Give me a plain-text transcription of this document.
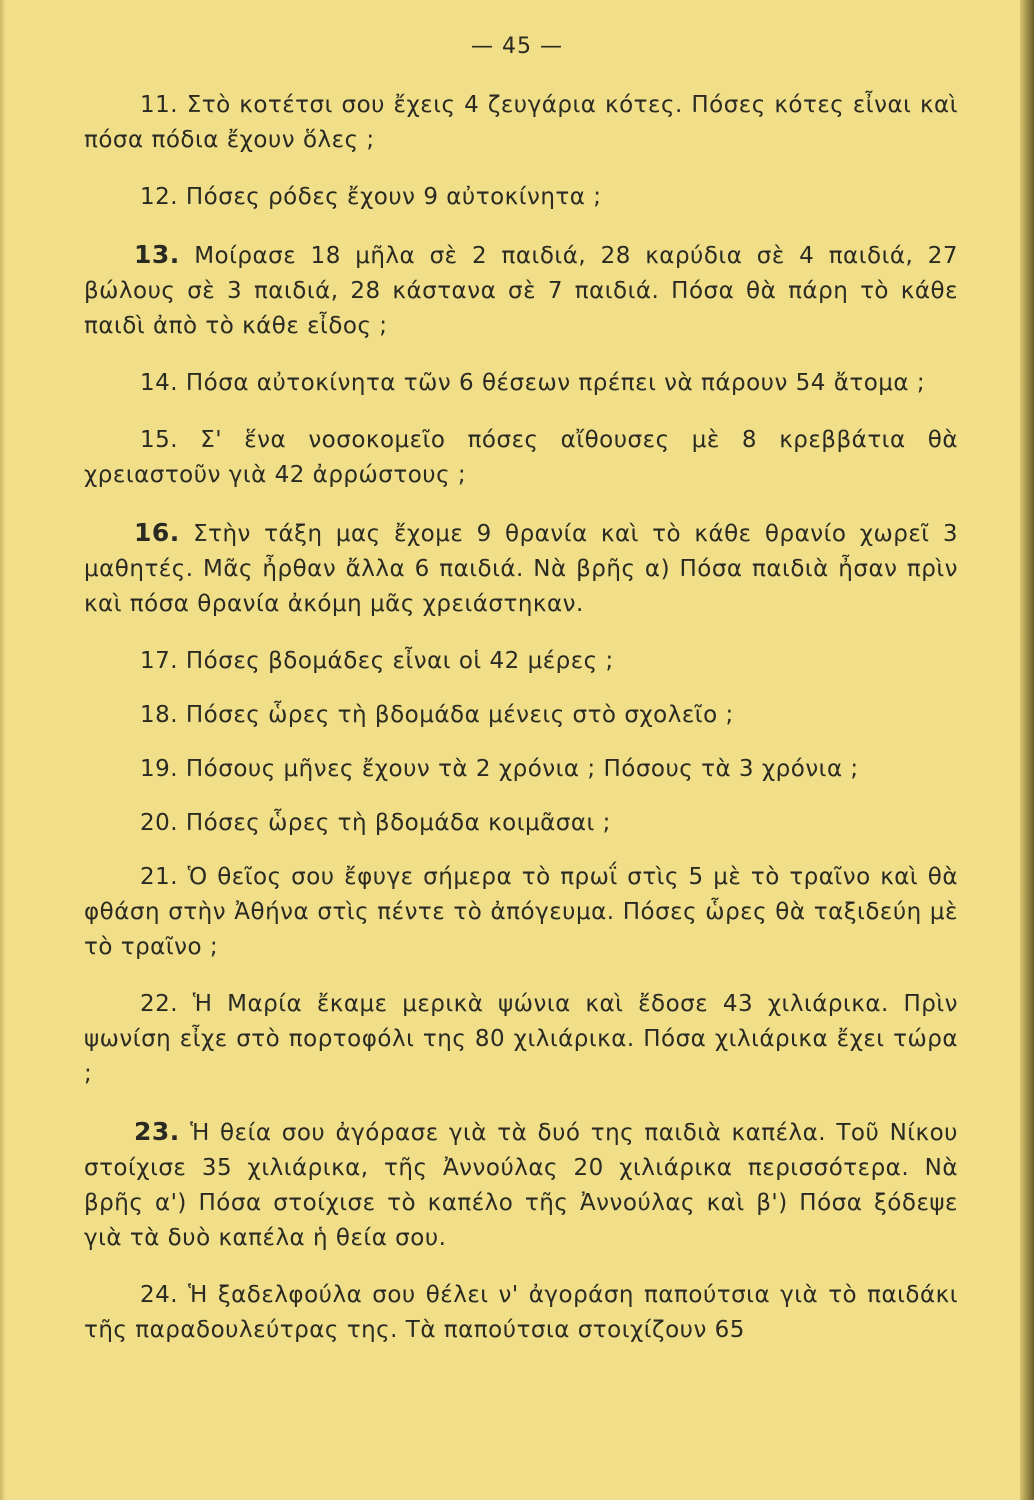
— 45 —

11. Στὸ κοτέτσι σου ἔχεις 4 ζευγάρια κότες. Πόσες κότες εἶναι καὶ πόσα πόδια ἔχουν ὅλες ;

12. Πόσες ρόδες ἔχουν 9 αὐτοκίνητα ;

13. Μοίρασε 18 μῆλα σὲ 2 παιδιά, 28 καρύδια σὲ 4 παιδιά, 27 βώλους σὲ 3 παιδιά, 28 κάστανα σὲ 7 παιδιά. Πόσα θὰ πάρη τὸ κάθε παιδὶ ἀπὸ τὸ κάθε εἶδος ;

14. Πόσα αὐτοκίνητα τῶν 6 θέσεων πρέπει νὰ πάρουν 54 ἄτομα ;

15. Σ' ἕνα νοσοκομεῖο πόσες αἴθουσες μὲ 8 κρεββάτια θὰ χρειαστοῦν γιὰ 42 ἀρρώστους ;

16. Στὴν τάξη μας ἔχομε 9 θρανία καὶ τὸ κάθε θρανίο χωρεῖ 3 μαθητές. Μᾶς ἦρθαν ἄλλα 6 παιδιά. Νὰ βρῆς α) Πόσα παιδιὰ ἦσαν πρὶν καὶ πόσα θρανία ἀκόμη μᾶς χρειάστηκαν.

17. Πόσες βδομάδες εἶναι οἱ 42 μέρες ;

18. Πόσες ὧρες τὴ βδομάδα μένεις στὸ σχολεῖο ;

19. Πόσους μῆνες ἔχουν τὰ 2 χρόνια ; Πόσους τὰ 3 χρόνια ;

20. Πόσες ὧρες τὴ βδομάδα κοιμᾶσαι ;

21. Ὁ θεῖος σου ἔφυγε σήμερα τὸ πρωΐ στὶς 5 μὲ τὸ τραῖνο καὶ θὰ φθάση στὴν Ἀθήνα στὶς πέντε τὸ ἀπόγευμα. Πόσες ὧρες θὰ ταξιδεύη μὲ τὸ τραῖνο ;

22. Ἡ Μαρία ἔκαμε μερικὰ ψώνια καὶ ἔδοσε 43 χιλιάρικα. Πρὶν ψωνίση εἶχε στὸ πορτοφόλι της 80 χιλιάρικα. Πόσα χιλιάρικα ἔχει τώρα ;

23. Ἡ θεία σου ἀγόρασε γιὰ τὰ δυό της παιδιὰ καπέλα. Τοῦ Νίκου στοίχισε 35 χιλιάρικα, τῆς Ἀννούλας 20 χιλιάρικα περισσότερα. Νὰ βρῆς α') Πόσα στοίχισε τὸ καπέλο τῆς Ἀννούλας καὶ β') Πόσα ξόδεψε γιὰ τὰ δυὸ καπέλα ἡ θεία σου.

24. Ἡ ξαδελφούλα σου θέλει ν' ἀγοράση παπούτσια γιὰ τὸ παιδάκι τῆς παραδουλεύτρας της. Τὰ παπούτσια στοιχίζουν 65
